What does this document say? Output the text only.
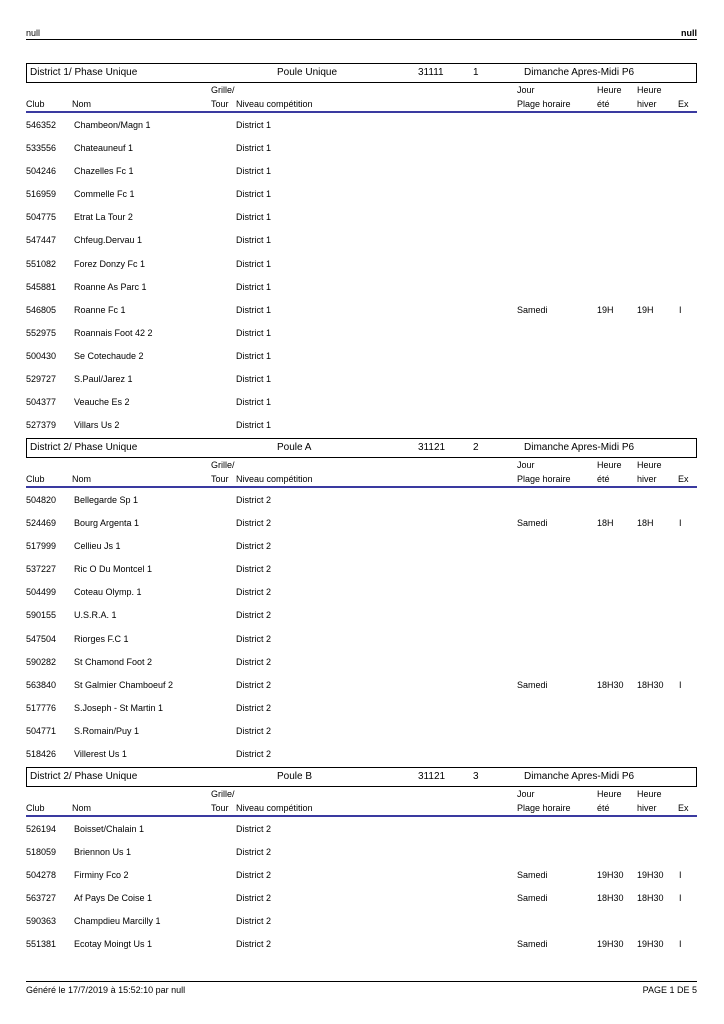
null	null
District 1/ Phase Unique	Poule Unique	31111	1	Dimanche Apres-Midi P6
Grille/	Jour	Heure Heure
Club	Nom	Tour Niveau compétition	Plage horaire	été	hiver Ex
546352 Chambeon/Magn 1	District 1
533556 Chateauneuf 1	District 1
504246 Chazelles Fc 1	District 1
516959 Commelle Fc 1	District 1
504775 Etrat La Tour 2	District 1
547447 Chfeug.Dervau 1	District 1
551082 Forez Donzy Fc 1	District 1
545881 Roanne As Parc 1	District 1
546805 Roanne Fc 1	District 1	Samedi	19H	19H	I
552975 Roannais Foot 42 2	District 1
500430 Se Cotechaude 2	District 1
529727 S.Paul/Jarez 1	District 1
504377 Veauche Es 2	District 1
527379 Villars Us 2	District 1
District 2/ Phase Unique	Poule A	31121	2	Dimanche Apres-Midi P6
Grille/	Jour	Heure Heure
Club	Nom	Tour Niveau compétition	Plage horaire	été	hiver Ex
504820 Bellegarde Sp 1	District 2
524469 Bourg Argenta 1	District 2	Samedi	18H	18H	I
517999 Cellieu Js 1	District 2
537227 Ric O Du Montcel 1	District 2
504499 Coteau Olymp. 1	District 2
590155 U.S.R.A. 1	District 2
547504 Riorges F.C 1	District 2
590282 St Chamond Foot 2	District 2
563840 St Galmier Chamboeuf 2	District 2	Samedi	18H30 18H30 I
517776 S.Joseph - St Martin 1	District 2
504771 S.Romain/Puy 1	District 2
518426 Villerest Us 1	District 2
District 2/ Phase Unique	Poule B	31121	3	Dimanche Apres-Midi P6
Grille/	Jour	Heure Heure
Club	Nom	Tour Niveau compétition	Plage horaire	été	hiver Ex
526194 Boisset/Chalain 1	District 2
518059 Briennon Us 1	District 2
504278 Firminy Fco 2	District 2	Samedi	19H30 19H30 I
563727 Af Pays De Coise 1	District 2	Samedi	18H30 18H30 I
590363 Champdieu Marcilly 1	District 2
551381 Ecotay Moingt Us 1	District 2	Samedi	19H30 19H30 I
Généré le 17/7/2019 à 15:52:10 par null	PAGE 1 DE 5
